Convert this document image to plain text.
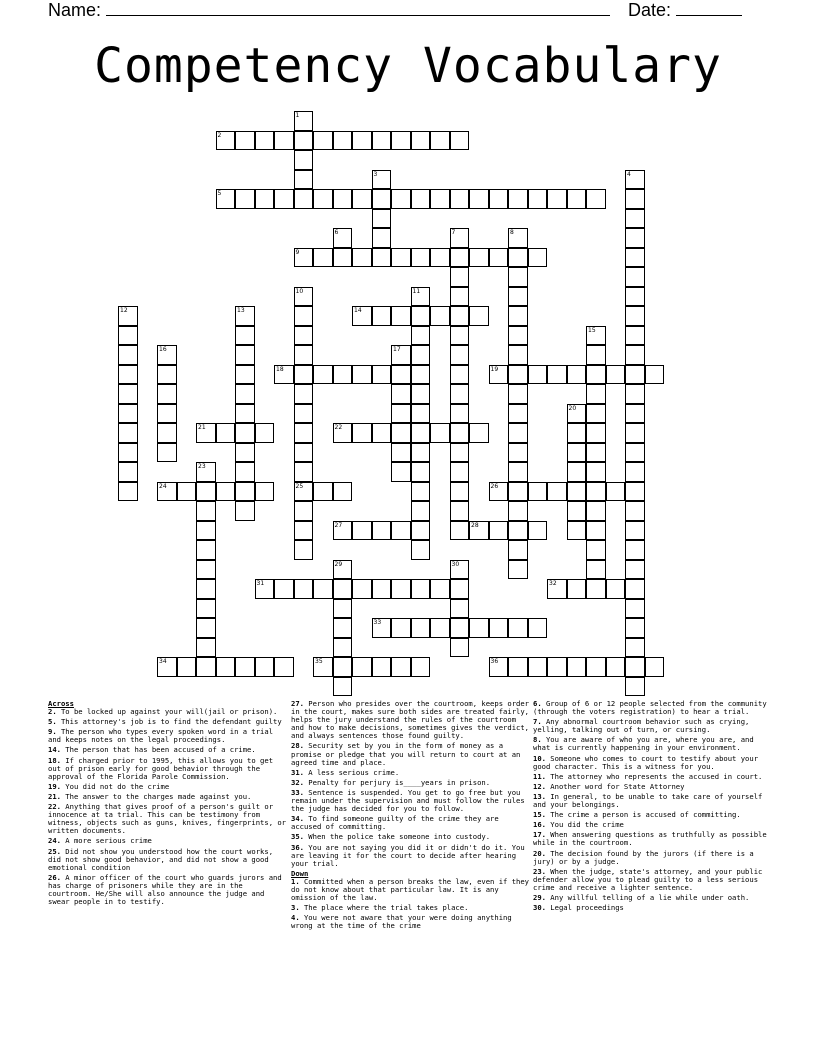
Name:	Date:
Competency Vocabulary
1
2
3	4
5
6	7	8
9
10
25
11
12	13	14
15
16	17
18	19
20
21	22
23
24	26
27	28
29	30
31	32
33
34	35	36
Across
2. To be locked up against your will(jail or prison).
5. This attorney's job is to find the defendant guilty
9. The person who types every spoken word in a trial and keeps notes on the legal proceedings.
14. The person that has been accused of a crime.
18. If charged prior to 1995, this allows you to get out of prison early for good behavior through the approval of the Florida Parole Commission.
19. You did not do the crime
21. The answer to the charges made against you.
22. Anything that gives proof of a person's guilt or innocence at ta trial. This can be testimony from witness, objects such as guns, knives, fingerprints, or written documents.
24. A more serious crime
25. Did not show you understood how the court works, did not show good behavior, and did not show a good emotional condition
26. A minor officer of the court who guards jurors and has charge of prisoners while they are in the courtroom. He/She will also announce the judge and swear people in to testify.
27. Person who presides over the courtroom, keeps order in the court, makes sure both sides are treated fairly, helps the jury understand the rules of the courtroom and how to make decisions, sometimes gives the verdict, and always sentences those found guilty.
28. Security set by you in the form of money as a promise or pledge that you will return to court at an agreed time and place.
31. A less serious crime.
32. Penalty for perjury is____years in prison.
33. Sentence is suspended. You get to go free but you remain under the supervision and must follow the rules the judge has decided for you to follow.
34. To find someone guilty of the crime they are accused of committing.
35. When the police take someone into custody.
36. You are not saying you did it or didn't do it. You are leaving it for the court to decide after hearing your trial.
Down
1. Committed when a person breaks the law, even if they do not know about that particular law. It is any omission of the law.
3. The place where the trial takes place.
4. You were not aware that your were doing anything wrong at the time of the crime
6. Group of 6 or 12 people selected from the community (through the voters registration) to hear a trial.
7. Any abnormal courtroom behavior such as crying, yelling, talking out of turn, or cursing.
8. You are aware of who you are, where you are, and what is currently happening in your environment.
10. Someone who comes to court to testify about your good character. This is a witness for you.
11. The attorney who represents the accused in court.
12. Another word for State Attorney
13. In general, to be unable to take care of yourself and your belongings.
15. The crime a person is accused of committing.
16. You did the crime
17. When answering questions as truthfully as possible while in the courtroom.
20. The decision found by the jurors (if there is a jury) or by a judge.
23. When the judge, state's attorney, and your public defender allow you to plead guilty to a less serious crime and receive a lighter sentence.
29. Any willful telling of a lie while under oath.
30. Legal proceedings
